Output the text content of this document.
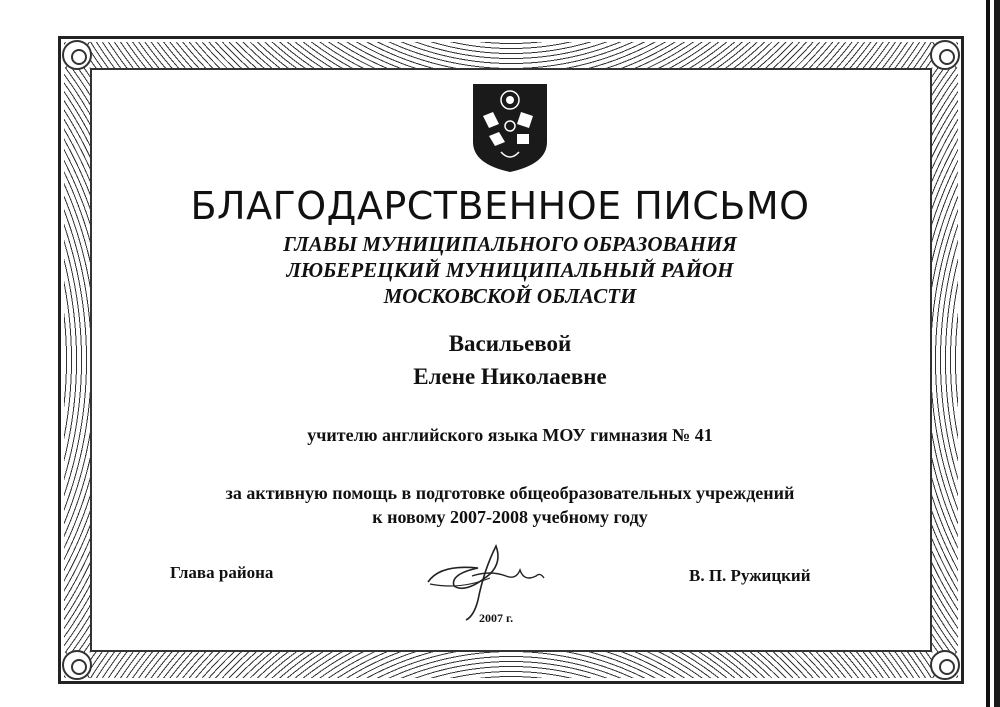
БЛАГОДАРСТВЕННОЕ ПИСЬМО
ГЛАВЫ МУНИЦИПАЛЬНОГО ОБРАЗОВАНИЯ
ЛЮБЕРЕЦКИЙ МУНИЦИПАЛЬНЫЙ РАЙОН
МОСКОВСКОЙ ОБЛАСТИ
Васильевой
Елене Николаевне
учителю английского языка МОУ гимназия № 41
за активную помощь в подготовке общеобразовательных учреждений
к новому 2007-2008 учебному году
Глава района
2007 г.
В. П. Ружицкий
